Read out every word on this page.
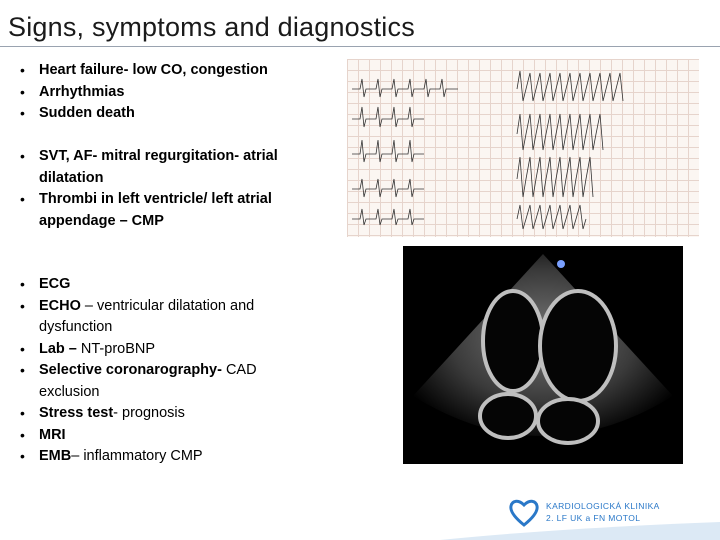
Signs, symptoms and diagnostics
• Heart failure- low CO, congestion
• Arrhythmias
• Sudden death
• SVT, AF- mitral regurgitation- atrial dilatation
• Thrombi in left ventricle/ left atrial appendage – CMP
• ECG
• ECHO – ventricular dilatation and dysfunction
• Lab – NT-proBNP
• Selective coronarography- CAD exclusion
• Stress test- prognosis
• MRI
• EMB– inflammatory CMP
KARDIOLOGICKÁ KLINIKA
2. LF UK a FN MOTOL
